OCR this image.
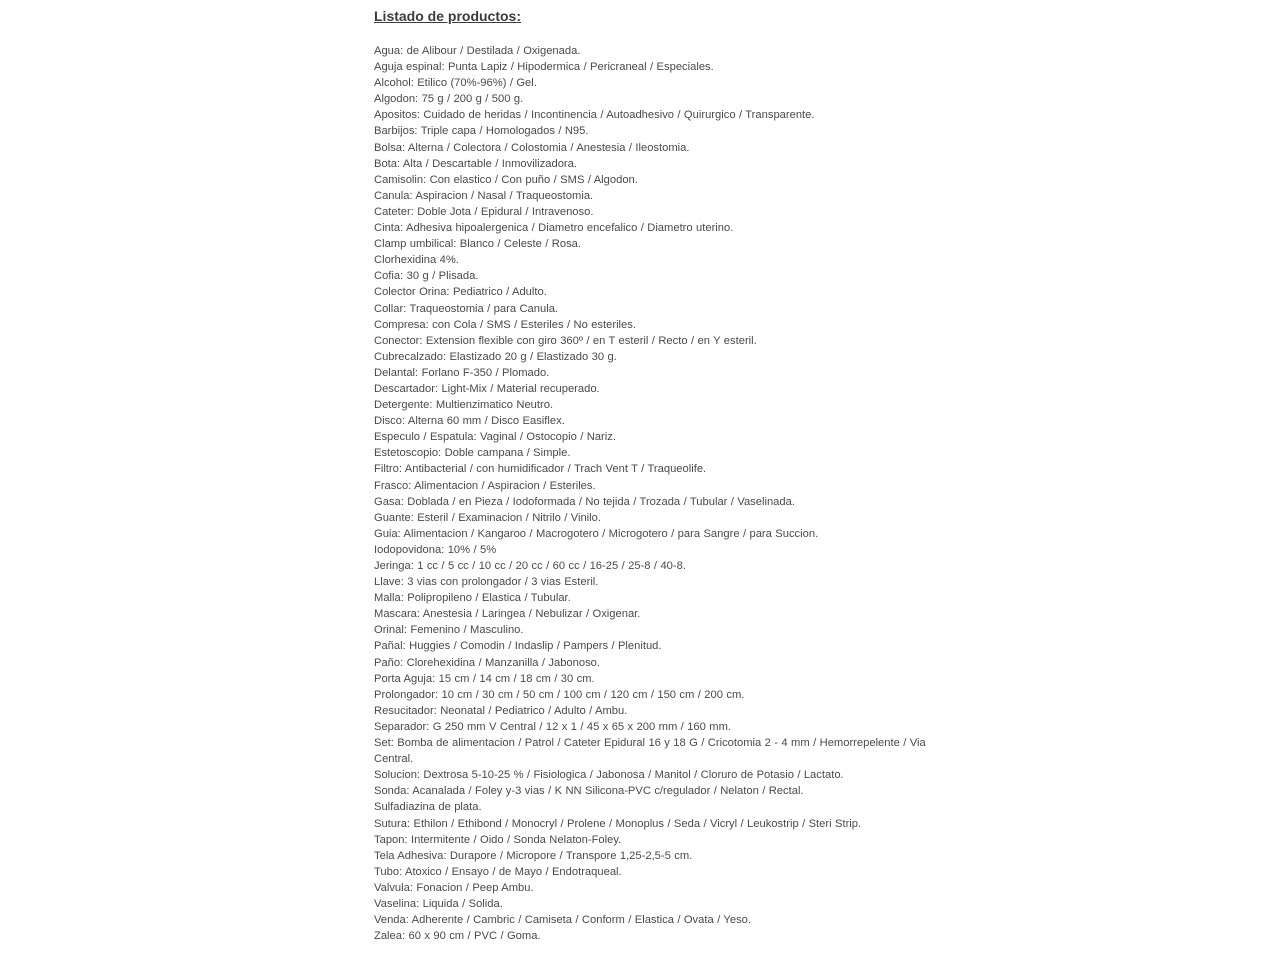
Listado de productos:

Agua: de Alibour / Destilada / Oxigenada.

Aguja espinal: Punta Lapiz / Hipodermica / Pericraneal / Especiales.

Alcohol: Etilico (70%-96%) / Gel.

Algodon: 75 g / 200 g / 500 g.

Apositos: Cuidado de heridas / Incontinencia / Autoadhesivo / Quirurgico / Transparente.

Barbijos: Triple capa / Homologados / N95.

Bolsa: Alterna / Colectora / Colostomia / Anestesia / Ileostomia.

Bota: Alta / Descartable / Inmovilizadora.

Camisolin: Con elastico / Con puño / SMS / Algodon.

Canula: Aspiracion / Nasal / Traqueostomia.

Cateter: Doble Jota / Epidural / Intravenoso.

Cinta: Adhesiva hipoalergenica / Diametro encefalico / Diametro uterino.

Clamp umbilical: Blanco / Celeste / Rosa.

Clorhexidina 4%.

Cofia: 30 g / Plisada.

Colector Orina: Pediatrico / Adulto.

Collar: Traqueostomia / para Canula.

Compresa: con Cola / SMS / Esteriles / No esteriles.

Conector: Extension flexible con giro 360º / en T esteril / Recto / en Y esteril.

Cubrecalzado: Elastizado 20 g / Elastizado 30 g.

Delantal: Forlano F-350 / Plomado.

Descartador: Light-Mix / Material recuperado.

Detergente: Multienzimatico Neutro.

Disco: Alterna 60 mm / Disco Easiflex.

Especulo / Espatula: Vaginal / Ostocopio / Nariz.

Estetoscopio: Doble campana / Simple.

Filtro: Antibacterial / con humidificador / Trach Vent T / Traqueolife.

Frasco: Alimentacion / Aspiracion / Esteriles.

Gasa: Doblada / en Pieza / Iodoformada / No tejida / Trozada / Tubular / Vaselinada.

Guante: Esteril / Examinacion / Nitrilo / Vinilo.

Guia: Alimentacion / Kangaroo / Macrogotero / Microgotero / para Sangre / para Succion.

Iodopovidona: 10% / 5%

Jeringa: 1 cc / 5 cc / 10 cc / 20 cc / 60 cc / 16-25 / 25-8 / 40-8.

Llave: 3 vias con prolongador / 3 vias Esteril.

Malla: Polipropileno / Elastica / Tubular.

Mascara: Anestesia / Laringea / Nebulizar / Oxigenar.

Orinal: Femenino / Masculino.

Pañal: Huggies / Comodin / Indaslip / Pampers / Plenitud.

Paño: Clorehexidina / Manzanilla / Jabonoso.

Porta Aguja: 15 cm / 14 cm / 18 cm / 30 cm.

Prolongador: 10 cm / 30 cm / 50 cm / 100 cm / 120 cm / 150 cm / 200 cm.

Resucitador: Neonatal / Pediatrico / Adulto / Ambu.

Separador: G 250 mm V Central / 12 x 1 / 45 x 65 x 200 mm / 160 mm.

Set: Bomba de alimentacion / Patrol / Cateter Epidural 16 y 18 G / Cricotomia 2 - 4 mm / Hemorrepelente / Via Central.

Solucion: Dextrosa 5-10-25 % / Fisiologica / Jabonosa / Manitol / Cloruro de Potasio / Lactato.

Sonda: Acanalada / Foley y-3 vias / K NN Silicona-PVC c/regulador / Nelaton / Rectal.

Sulfadiazina de plata.

Sutura: Ethilon / Ethibond / Monocryl / Prolene / Monoplus / Seda / Vicryl / Leukostrip / Steri Strip.

Tapon: Intermitente / Oido / Sonda Nelaton-Foley.

Tela Adhesiva: Durapore / Micropore / Transpore 1,25-2,5-5 cm.

Tubo: Atoxico / Ensayo / de Mayo / Endotraqueal.

Valvula: Fonacion / Peep Ambu.

Vaselina: Liquida / Solida.

Venda: Adherente / Cambric / Camiseta / Conform / Elastica / Ovata / Yeso.

Zalea: 60 x 90 cm / PVC / Goma.
